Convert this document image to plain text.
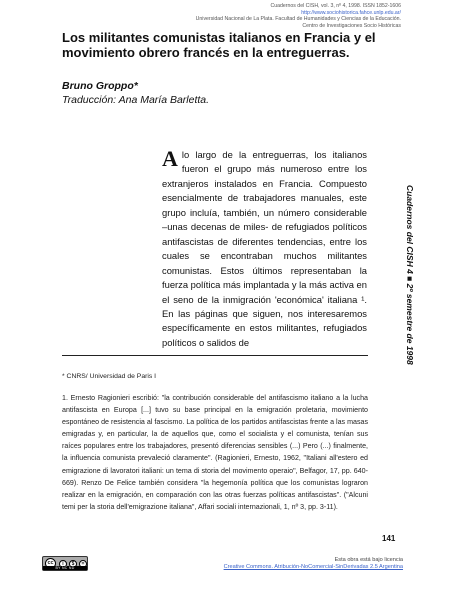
Cuadernos del CISH, vol. 3, nº 4, 1998. ISSN 1852-1606
http://www.sociohistorica.fahce.unlp.edu.ar/
Universidad Nacional de La Plata. Facultad de Humanidades y Ciencias de la Educación.
Centro de Investigaciones Socio Históricas
Los militantes comunistas italianos en Francia y el movimiento obrero francés en la entreguerras.
Bruno Groppo*
Traducción: Ana María Barletta.
A lo largo de la entreguerras, los italianos fueron el grupo más numeroso entre los extranjeros instalados en Francia. Compuesto esencialmente de trabajadores manuales, este grupo incluía, también, un número considerable –unas decenas de miles- de refugiados políticos antifascistas de diferentes tendencias, entre los cuales se encontraban muchos militantes comunistas. Estos últimos representaban la fuerza política más implantada y la más activa en el seno de la inmigración 'económica' italiana ¹. En las páginas que siguen, nos interesaremos específicamente en estos militantes, refugiados políticos o salidos de	Cuadernos del CISH 4 ■ 2º semestre de 1998
* CNRS/ Universidad de Paris I
1. Ernesto Ragionieri escribió: "la contribución considerable del antifascismo italiano a la lucha antifascista en Europa [...] tuvo su base principal en la emigración proletaria, movimiento espontáneo de resistencia al fascismo. La política de los partidos antifascistas frente a las masas emigradas y, en particular, la de aquellos que, como el socialista y el comunista, tenían sus raíces populares entre los trabajadores, presentó diferencias sensibles (...) Pero (...) finalmente, la influencia comunista prevaleció claramente". (Ragionieri, Ernesto, 1962, "Italiani all'estero ed emigrazione di lavoratori italiani: un tema di storia del movimento operaio", Belfagor, 17, pp. 640-669). Renzo De Felice también considera "la hegemonía política que los comunistas lograron realizar en la emigración, en comparación con las otras fuerzas políticas antifascistas". ("Alcuni temi per la storia dell'emigrazione italiana", Affari sociali internazionali, 1, nº 3, pp. 3-11).
141
cc	i	$	=
BY NC ND
Esta obra está bajo licencia
Creative Commons. Atribución-NoComercial-SinDerivadas 2.5 Argentina
